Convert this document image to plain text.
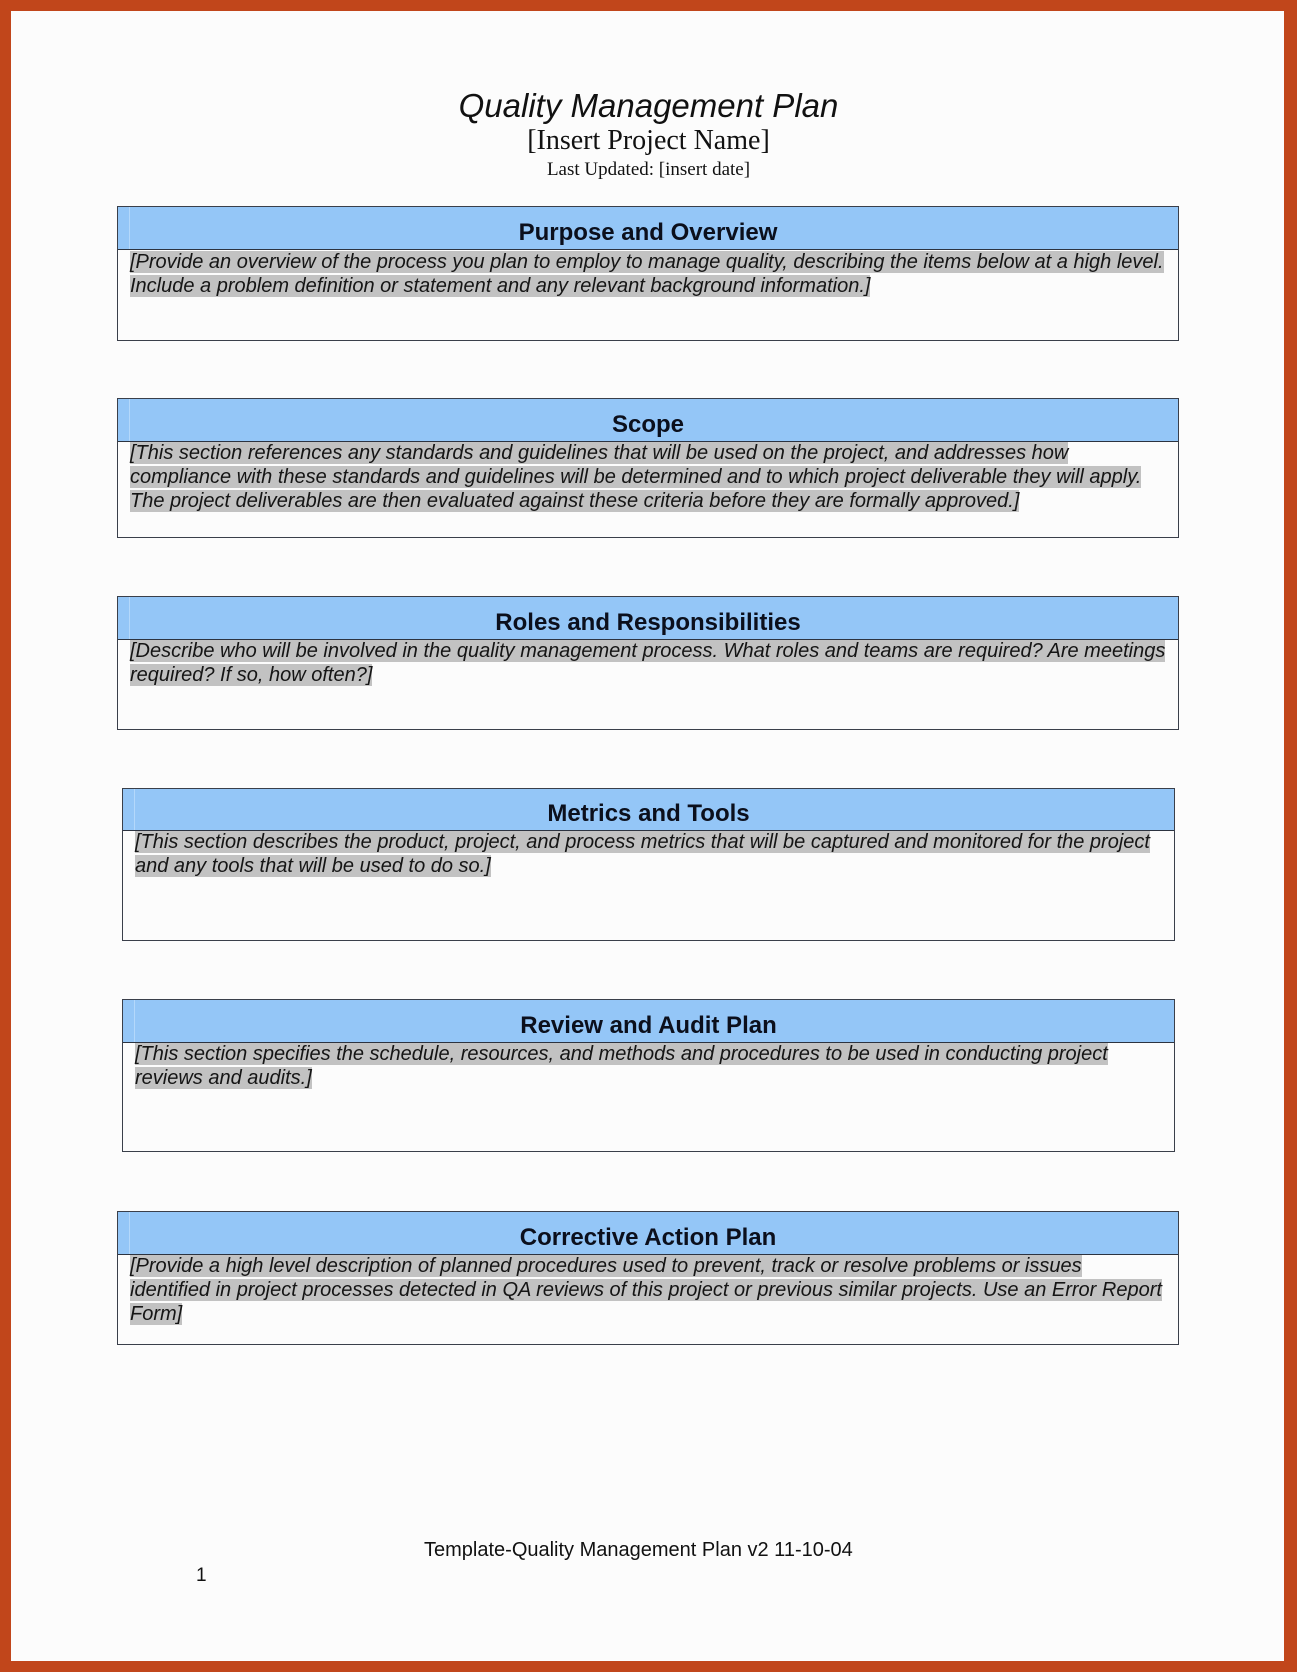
Quality Management Plan
[Insert Project Name]
Last Updated: [insert date]
Purpose and Overview
[Provide an overview of the process you plan to employ to manage quality, describing the items below at a high level. Include a problem definition or statement and any relevant background information.]
Scope
[This section references any standards and guidelines that will be used on the project, and addresses how compliance with these standards and guidelines will be determined and to which project deliverable they will apply. The project deliverables are then evaluated against these criteria before they are formally approved.]
Roles and Responsibilities
[Describe who will be involved in the quality management process. What roles and teams are required? Are meetings required? If so, how often?]
Metrics and Tools
[This section describes the product, project, and process metrics that will be captured and monitored for the project and any tools that will be used to do so.]
Review and Audit Plan
[This section specifies the schedule, resources, and methods and procedures to be used in conducting project reviews and audits.]
Corrective Action Plan
[Provide a high level description of planned procedures used to prevent, track or resolve problems or issues identified in project processes detected in QA reviews of this project or previous similar projects. Use an Error Report Form]
Template-Quality Management Plan v2 11-10-04
1
